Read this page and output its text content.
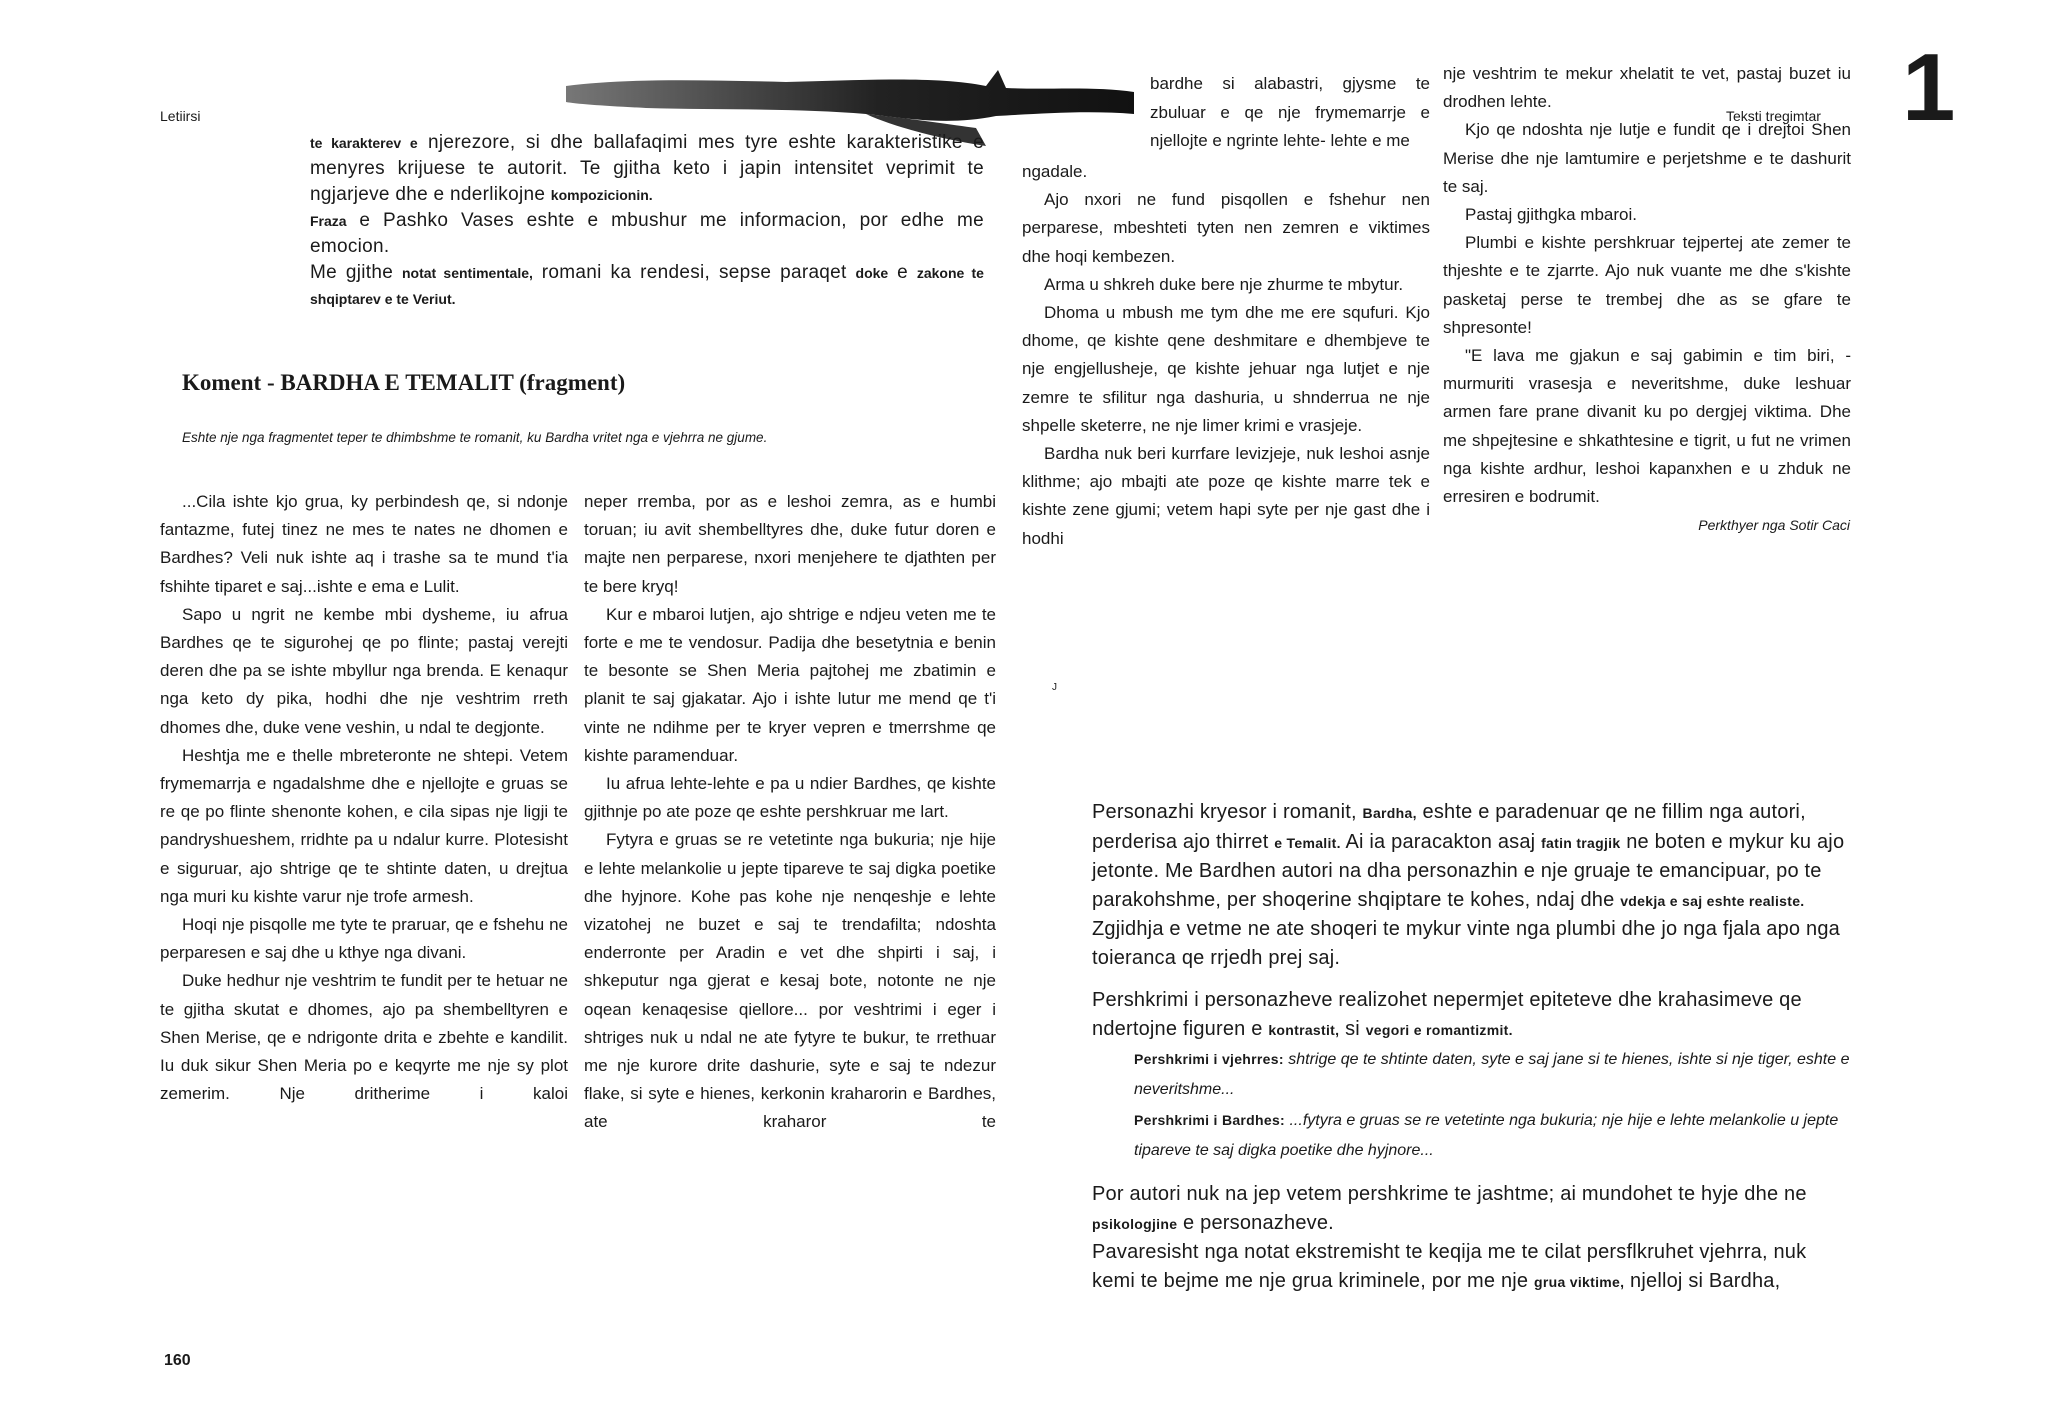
Letiirsi

te karakterev e njerezore, si dhe ballafaqimi mes tyre eshte karakteristike e menyres krijuese te autorit. Te gjitha keto i japin intensitet veprimit te ngjarjeve dhe e nderlikojne kompozicionin.

Fraza e Pashko Vases eshte e mbushur me informacion, por edhe me emocion.

Me gjithe notat sentimentale, romani ka rendesi, sepse paraqet doke e zakone te shqiptarev e te Veriut.

Koment - BARDHA E TEMALIT (fragment)
Eshte nje nga fragmentet teper te dhimbshme te romanit, ku Bardha vritet nga e vjehrra ne gjume.

...Cila ishte kjo grua, ky perbindesh qe, si ndonje fantazme, futej tinez ne mes te nates ne dhomen e Bardhes? Veli nuk ishte aq i trashe sa te mund t'ia fshihte tiparet e saj...ishte e ema e Lulit.

Sapo u ngrit ne kembe mbi dysheme, iu afrua Bardhes qe te sigurohej qe po flinte; pastaj verejti deren dhe pa se ishte mbyllur nga brenda. E kenaqur nga keto dy pika, hodhi dhe nje veshtrim rreth dhomes dhe, duke vene veshin, u ndal te degjonte.

Heshtja me e thelle mbreteronte ne shtepi. Vetem frymemarrja e ngadalshme dhe e njellojte e gruas se re qe po flinte shenonte kohen, e cila sipas nje ligji te pandryshueshem, rridhte pa u ndalur kurre. Plotesisht e siguruar, ajo shtrige qe te shtinte daten, u drejtua nga muri ku kishte varur nje trofe armesh.

Hoqi nje pisqolle me tyte te praruar, qe e fshehu ne perparesen e saj dhe u kthye nga divani.

Duke hedhur nje veshtrim te fundit per te hetuar ne te gjitha skutat e dhomes, ajo pa shembelltyren e Shen Merise, qe e ndrigonte drita e zbehte e kandilit. Iu duk sikur Shen Meria po e keqyrte me nje sy plot zemerim. Nje dritherime i kaloi

neper rremba, por as e leshoi zemra, as e humbi toruan; iu avit shembelltyres dhe, duke futur doren e majte nen perparese, nxori menjehere te djathten per te bere kryq!

Kur e mbaroi lutjen, ajo shtrige e ndjeu veten me te forte e me te vendosur. Padija dhe besetytnia e benin te besonte se Shen Meria pajtohej me zbatimin e planit te saj gjakatar. Ajo i ishte lutur me mend qe t'i vinte ne ndihme per te kryer vepren e tmerrshme qe kishte paramenduar.

Iu afrua lehte-lehte e pa u ndier Bardhes, qe kishte gjithnje po ate poze qe eshte pershkruar me lart.

Fytyra e gruas se re vetetinte nga bukuria; nje hije e lehte melankolie u jepte tipareve te saj digka poetike dhe hyjnore. Kohe pas kohe nje nenqeshje e lehte vizatohej ne buzet e saj te trendafilta; ndoshta enderronte per Aradin e vet dhe shpirti i saj, i shkeputur nga gjerat e kesaj bote, notonte ne nje oqean kenaqesise qiellore... por veshtrimi i eger i shtriges nuk u ndal ne ate fytyre te bukur, te rrethuar me nje kurore drite dashurie, syte e saj te ndezur flake, si syte e hienes, kerkonin kraharorin e Bardhes, ate kraharor te

bardhe si alabastri, gjysme te zbuluar e qe nje frymemarrje e njellojte e ngrinte lehte- lehte e me

ngadale.

Ajo nxori ne fund pisqollen e fshehur nen perparese, mbeshteti tyten nen zemren e viktimes dhe hoqi kembezen.

Arma u shkreh duke bere nje zhurme te mbytur.

Dhoma u mbush me tym dhe me ere squfuri. Kjo dhome, qe kishte qene deshmitare e dhembjeve te nje engjellusheje, qe kishte jehuar nga lutjet e nje zemre te sfilitur nga dashuria, u shnderrua ne nje shpelle sketerre, ne nje limer krimi e vrasjeje.

Bardha nuk beri kurrfare levizjeje, nuk leshoi asnje klithme; ajo mbajti ate poze qe kishte marre tek e kishte zene gjumi; vetem hapi syte per nje gast dhe i hodhi

J
Teksti tregimtar 1

nje veshtrim te mekur xhelatit te vet, pastaj buzet iu drodhen lehte.

Kjo qe ndoshta nje lutje e fundit qe i drejtoi Shen Merise dhe nje lamtumire e perjetshme e te dashurit te saj.

Pastaj gjithgka mbaroi.

Plumbi e kishte pershkruar tejpertej ate zemer te thjeshte e te zjarrte. Ajo nuk vuante me dhe s'kishte pasketaj perse te trembej dhe as se gfare te shpresonte!

"E lava me gjakun e saj gabimin e tim biri, - murmuriti vrasesja e neveritshme, duke leshuar armen fare prane divanit ku po dergjej viktima. Dhe me shpejtesine e shkathtesine e tigrit, u fut ne vrimen nga kishte ardhur, leshoi kapanxhen e u zhduk ne erresiren e bodrumit.

Perkthyer nga Sotir Caci

Personazhi kryesor i romanit, Bardha, eshte e paradenuar qe ne fillim nga autori, perderisa ajo thirret e Temalit. Ai ia paracakton asaj fatin tragjik ne boten e mykur ku ajo jetonte. Me Bardhen autori na dha personazhin e nje gruaje te emancipuar, po te parakohshme, per shoqerine shqiptare te kohes, ndaj dhe vdekja e saj eshte realiste.

Zgjidhja e vetme ne ate shoqeri te mykur vinte nga plumbi dhe jo nga fjala apo nga toieranca qe rrjedh prej saj.

Pershkrimi i personazheve realizohet nepermjet epiteteve dhe krahasimeve qe ndertojne figuren e kontrastit, si vegori e romantizmit.

Pershkrimi i vjehrres: shtrige qe te shtinte daten, syte e saj jane si te hienes, ishte si nje tiger, eshte e neveritshme...

Pershkrimi i Bardhes: ...fytyra e gruas se re vetetinte nga bukuria; nje hije e lehte melankolie u jepte tipareve te saj digka poetike dhe hyjnore...

Por autori nuk na jep vetem pershkrime te jashtme; ai mundohet te hyje dhe ne psikologjine e personazheve.

Pavaresisht nga notat ekstremisht te keqija me te cilat persflkruhet vjehrra, nuk kemi te bejme me nje grua kriminele, por me nje grua viktime, njelloj si Bardha,

160
